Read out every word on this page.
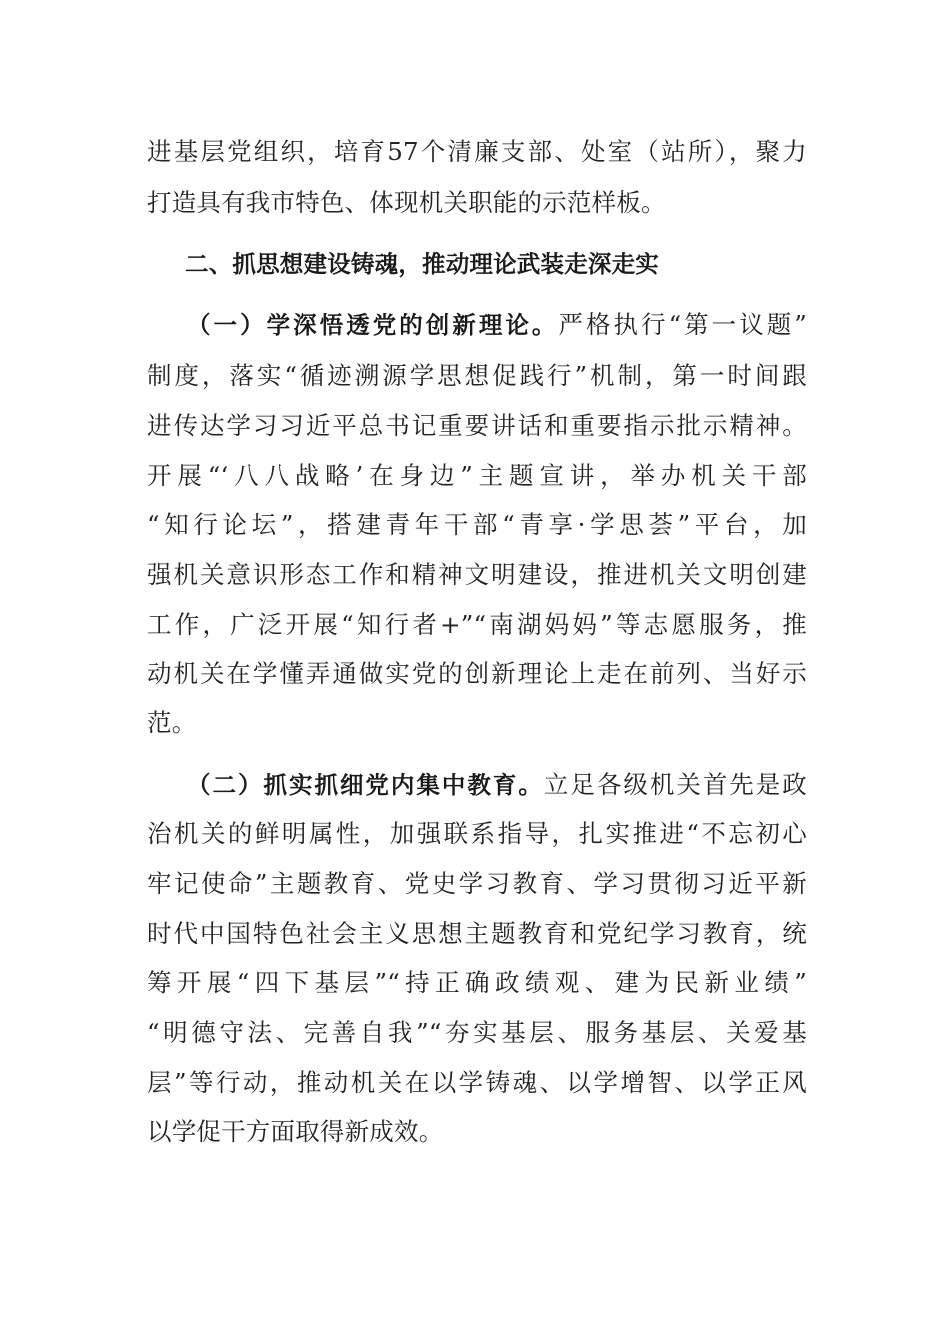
进基层党组织，培育57个清廉支部、处室（站所），聚力
打造具有我市特色、体现机关职能的示范样板。
二、抓思想建设铸魂，推动理论武装走深走实
（一）学深悟透党的创新理论。严格执行“第一议题”
制度，落实“循迹溯源学思想促践行”机制，第一时间跟
进传达学习习近平总书记重要讲话和重要指示批示精神。
开展“‘八八战略’在身边”主题宣讲，举办机关干部
“知行论坛”，搭建青年干部“青享·学思荟”平台，加
强机关意识形态工作和精神文明建设，推进机关文明创建
工作，广泛开展“知行者+”“南湖妈妈”等志愿服务，推
动机关在学懂弄通做实党的创新理论上走在前列、当好示
范。
（二）抓实抓细党内集中教育。立足各级机关首先是政
治机关的鲜明属性，加强联系指导，扎实推进“不忘初心
牢记使命”主题教育、党史学习教育、学习贯彻习近平新
时代中国特色社会主义思想主题教育和党纪学习教育，统
筹开展“四下基层”“持正确政绩观、建为民新业绩”
“明德守法、完善自我”“夯实基层、服务基层、关爱基
层”等行动，推动机关在以学铸魂、以学增智、以学正风
以学促干方面取得新成效。
